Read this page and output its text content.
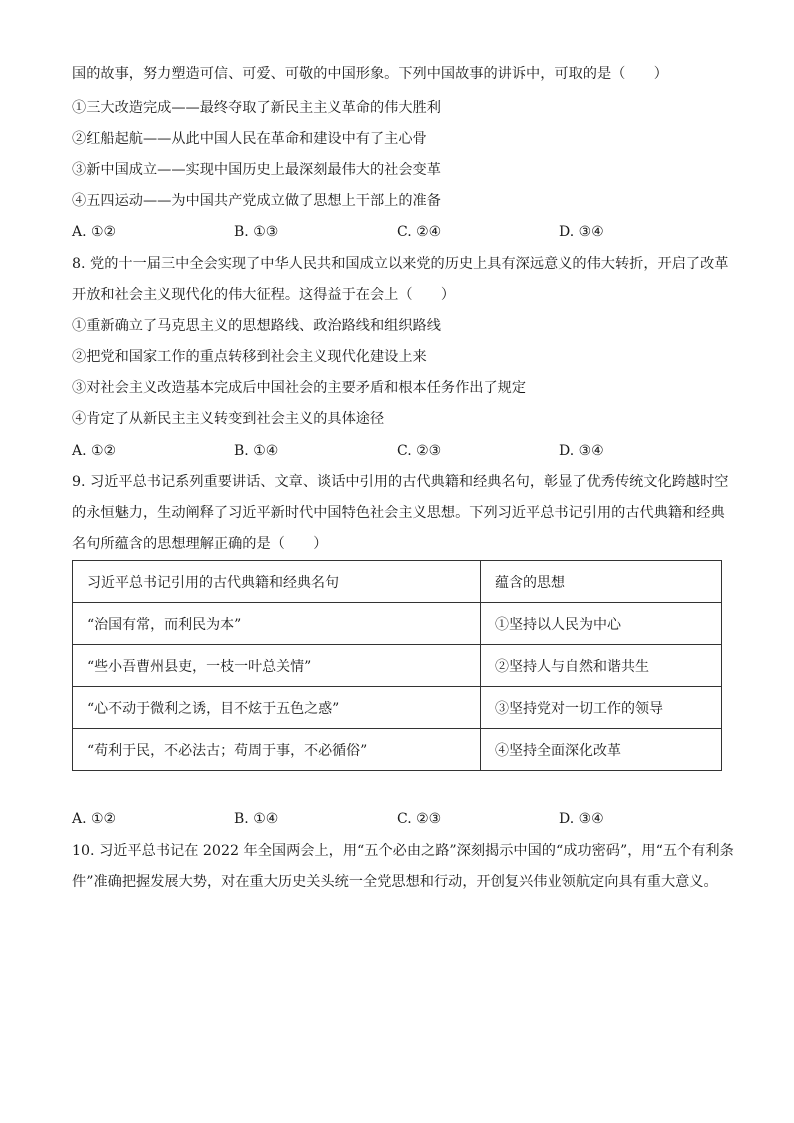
国的故事，努力塑造可信、可爱、可敬的中国形象。下列中国故事的讲诉中，可取的是（　　）
①三大改造完成——最终夺取了新民主主义革命的伟大胜利
②红船起航——从此中国人民在革命和建设中有了主心骨
③新中国成立——实现中国历史上最深刻最伟大的社会变革
④五四运动——为中国共产党成立做了思想上干部上的准备
A. ①②	B. ①③	C. ②④	D. ③④
8. 党的十一届三中全会实现了中华人民共和国成立以来党的历史上具有深远意义的伟大转折，开启了改革
开放和社会主义现代化的伟大征程。这得益于在会上（　　）
①重新确立了马克思主义的思想路线、政治路线和组织路线
②把党和国家工作的重点转移到社会主义现代化建设上来
③对社会主义改造基本完成后中国社会的主要矛盾和根本任务作出了规定
④肯定了从新民主主义转变到社会主义的具体途径
A. ①②	B. ①④	C. ②③	D. ③④
9. 习近平总书记系列重要讲话、文章、谈话中引用的古代典籍和经典名句，彰显了优秀传统文化跨越时空
的永恒魅力，生动阐释了习近平新时代中国特色社会主义思想。下列习近平总书记引用的古代典籍和经典
名句所蕴含的思想理解正确的是（　　）
习近平总书记引用的古代典籍和经典名句	蕴含的思想
“治国有常，而利民为本”	①坚持以人民为中心
“些小吾曹州县吏，一枝一叶总关情”	②坚持人与自然和谐共生
“心不动于微利之诱，目不炫于五色之惑”	③坚持党对一切工作的领导
“苟利于民，不必法古；苟周于事，不必循俗”	④坚持全面深化改革
A. ①②	B. ①④	C. ②③	D. ③④
10. 习近平总书记在 2022 年全国两会上，用“五个必由之路”深刻揭示中国的“成功密码”，用“五个有利条
件”准确把握发展大势，对在重大历史关头统一全党思想和行动，开创复兴伟业领航定向具有重大意义。
